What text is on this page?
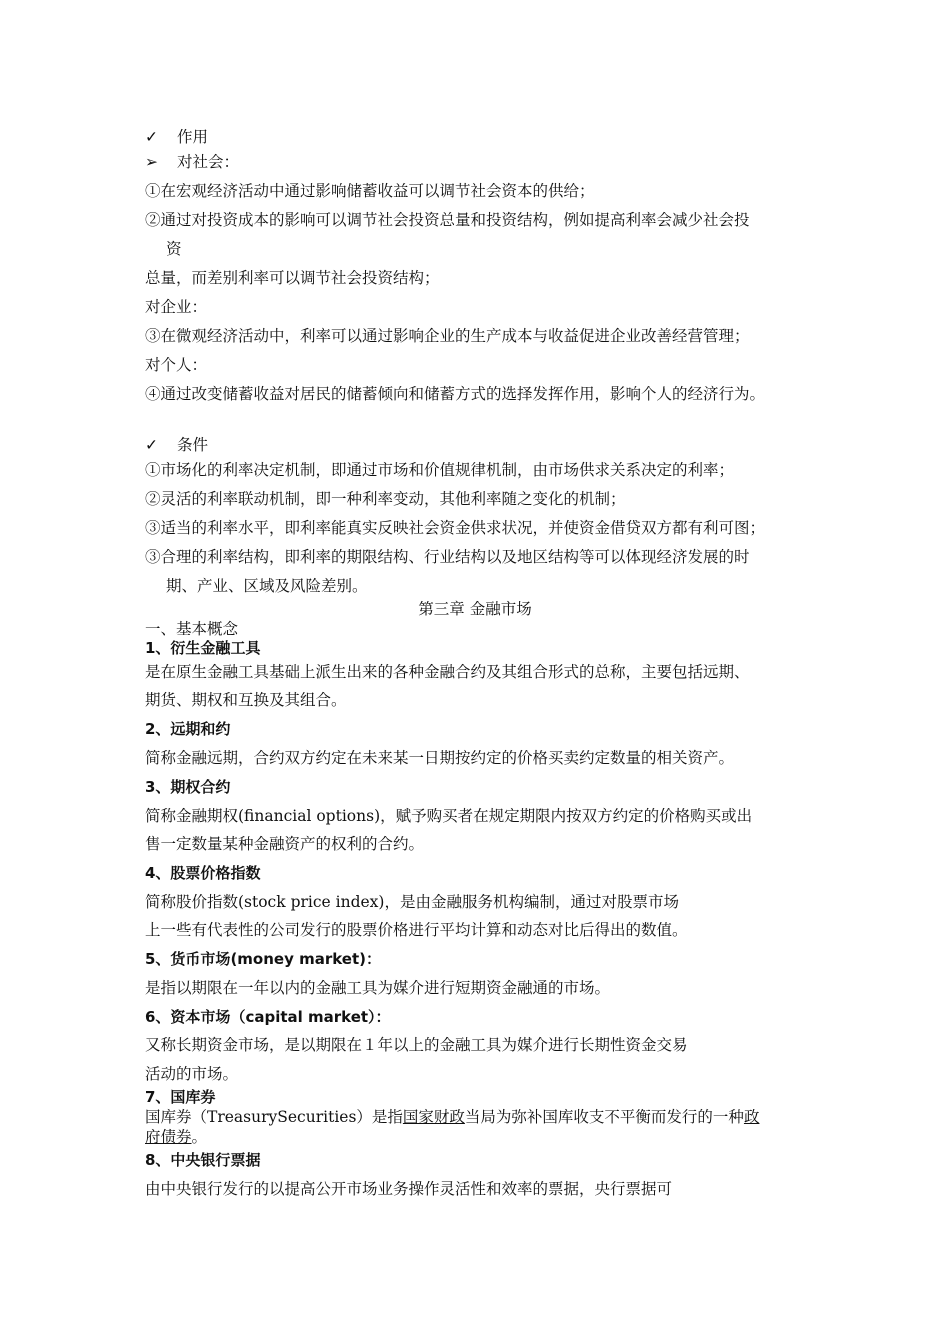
✓ 作用
➢ 对社会：
①在宏观经济活动中通过影响储蓄收益可以调节社会资本的供给；
②通过对投资成本的影响可以调节社会投资总量和投资结构，例如提高利率会减少社会投
资
总量，而差别利率可以调节社会投资结构；
对企业：
③在微观经济活动中，利率可以通过影响企业的生产成本与收益促进企业改善经营管理；
对个人：
④通过改变储蓄收益对居民的储蓄倾向和储蓄方式的选择发挥作用，影响个人的经济行为。
✓ 条件
①市场化的利率决定机制，即通过市场和价值规律机制，由市场供求关系决定的利率；
②灵活的利率联动机制，即一种利率变动，其他利率随之变化的机制；
③适当的利率水平，即利率能真实反映社会资金供求状况，并使资金借贷双方都有利可图；
③合理的利率结构，即利率的期限结构、行业结构以及地区结构等可以体现经济发展的时
期、产业、区域及风险差别。
第三章 金融市场
一、基本概念
1、衍生金融工具
是在原生金融工具基础上派生出来的各种金融合约及其组合形式的总称，主要包括远期、
期货、期权和互换及其组合。
2、远期和约
简称金融远期，合约双方约定在未来某一日期按约定的价格买卖约定数量的相关资产。
3、期权合约
简称金融期权(financial options)，赋予购买者在规定期限内按双方约定的价格购买或出
售一定数量某种金融资产的权利的合约。
4、股票价格指数
简称股价指数(stock price index)，是由金融服务机构编制，通过对股票市场
上一些有代表性的公司发行的股票价格进行平均计算和动态对比后得出的数值。
5、货币市场(money market)：
是指以期限在一年以内的金融工具为媒介进行短期资金融通的市场。
6、资本市场（capital market）：
又称长期资金市场，是以期限在１年以上的金融工具为媒介进行长期性资金交易
活动的市场。
7、国库券
国库券（TreasurySecurities）是指国家财政当局为弥补国库收支不平衡而发行的一种政
府债券。
8、中央银行票据
由中央银行发行的以提高公开市场业务操作灵活性和效率的票据，央行票据可
